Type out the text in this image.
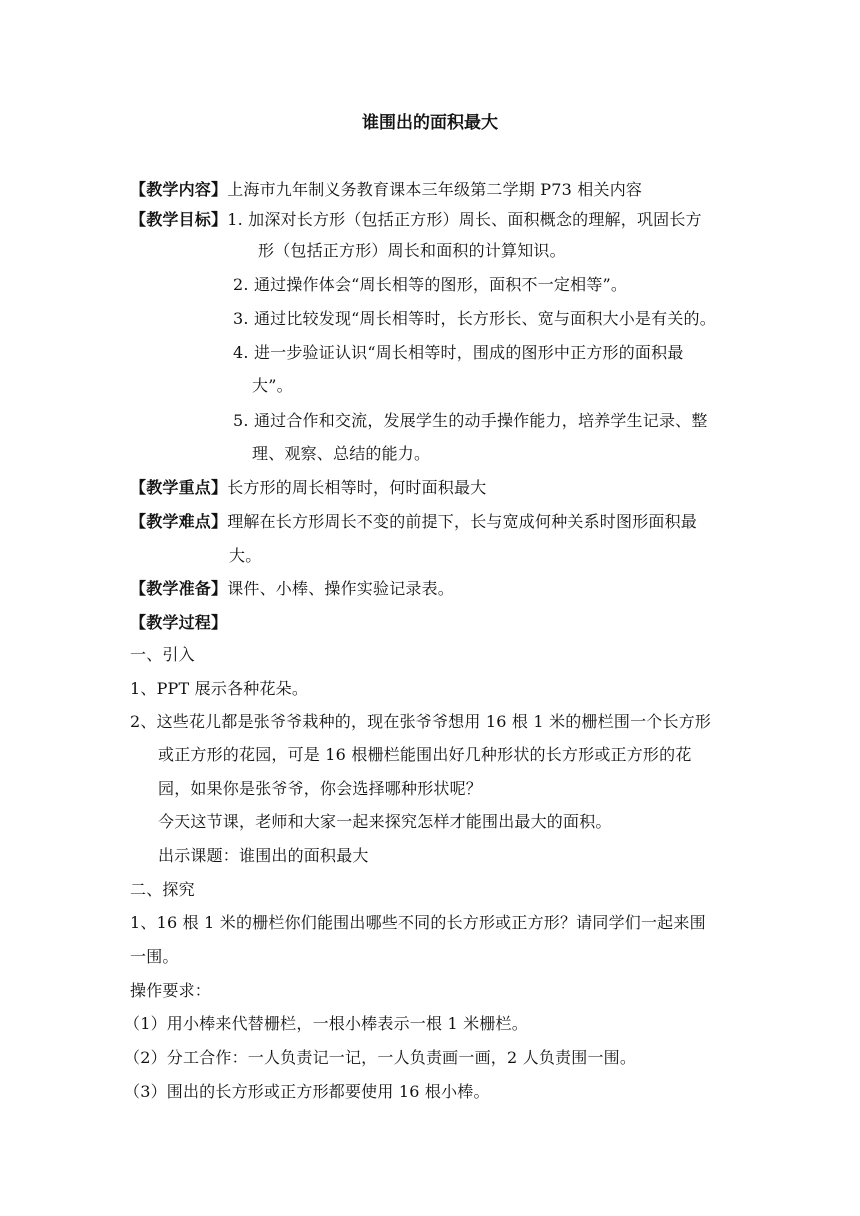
谁围出的面积最大
【教学内容】上海市九年制义务教育课本三年级第二学期 P73 相关内容
【教学目标】1. 加深对长方形（包括正方形）周长、面积概念的理解，巩固长方
形（包括正方形）周长和面积的计算知识。
2. 通过操作体会“周长相等的图形，面积不一定相等”。
3. 通过比较发现“周长相等时，长方形长、宽与面积大小是有关的。
4. 进一步验证认识“周长相等时，围成的图形中正方形的面积最
大”。
5. 通过合作和交流，发展学生的动手操作能力，培养学生记录、整
理、观察、总结的能力。
【教学重点】长方形的周长相等时，何时面积最大
【教学难点】理解在长方形周长不变的前提下，长与宽成何种关系时图形面积最
大。
【教学准备】课件、小棒、操作实验记录表。
【教学过程】
一、引入
1、PPT 展示各种花朵。
2、这些花儿都是张爷爷栽种的，现在张爷爷想用 16 根 1 米的栅栏围一个长方形
或正方形的花园，可是 16 根栅栏能围出好几种形状的长方形或正方形的花
园，如果你是张爷爷，你会选择哪种形状呢？
今天这节课，老师和大家一起来探究怎样才能围出最大的面积。
出示课题：谁围出的面积最大
二、探究
1、16 根 1 米的栅栏你们能围出哪些不同的长方形或正方形？请同学们一起来围
一围。
操作要求：
（1）用小棒来代替栅栏，一根小棒表示一根 1 米栅栏。
（2）分工合作：一人负责记一记，一人负责画一画，2 人负责围一围。
（3）围出的长方形或正方形都要使用 16 根小棒。
